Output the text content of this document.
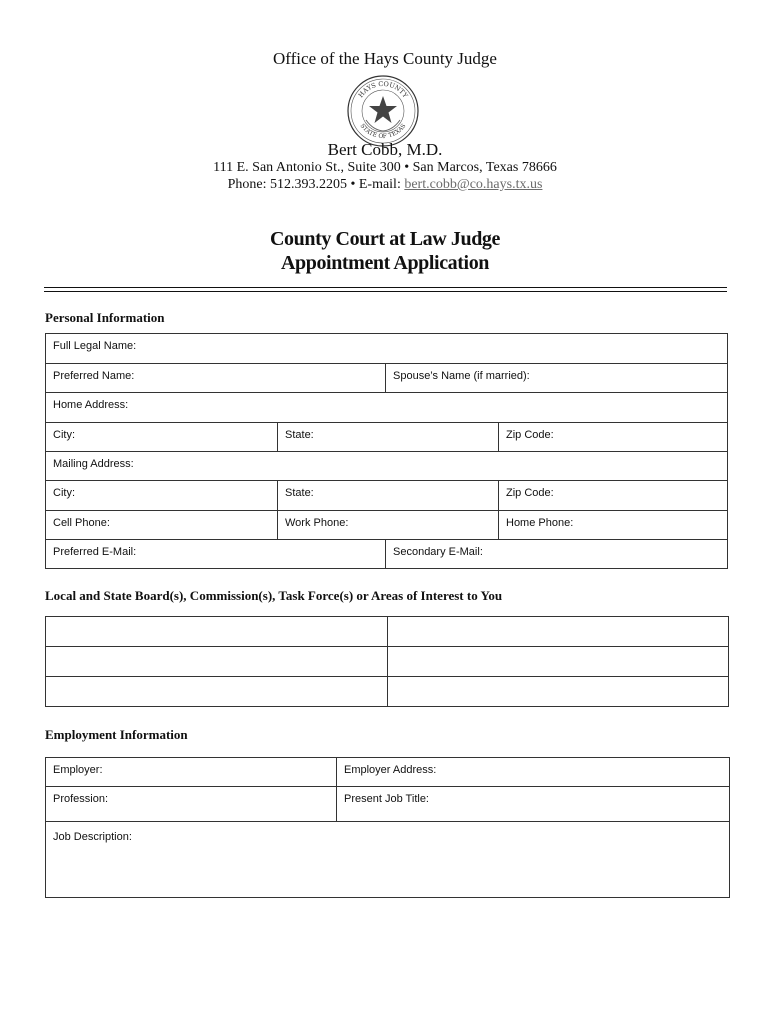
Office of the Hays County Judge
HAYS COUNTY
STATE OF TEXAS
Bert Cobb, M.D.
111 E. San Antonio St., Suite 300 • San Marcos, Texas 78666
Phone: 512.393.2205 • E-mail: bert.cobb@co.hays.tx.us
County Court at Law Judge
Appointment Application
Personal Information
Full Legal Name:			
Preferred Name:		Spouse’s Name (if married):	
Home Address:			
City:	State:		Zip Code:
Mailing Address:			
City:	State:		Zip Code:
Cell Phone:	Work Phone:		Home Phone:
Preferred E-Mail:		Secondary E-Mail:	
Local and State Board(s), Commission(s), Task Force(s) or Areas of Interest to You

Employment Information
Employer:	Employer Address:
Profession:	Present Job Title:
Job Description:	
